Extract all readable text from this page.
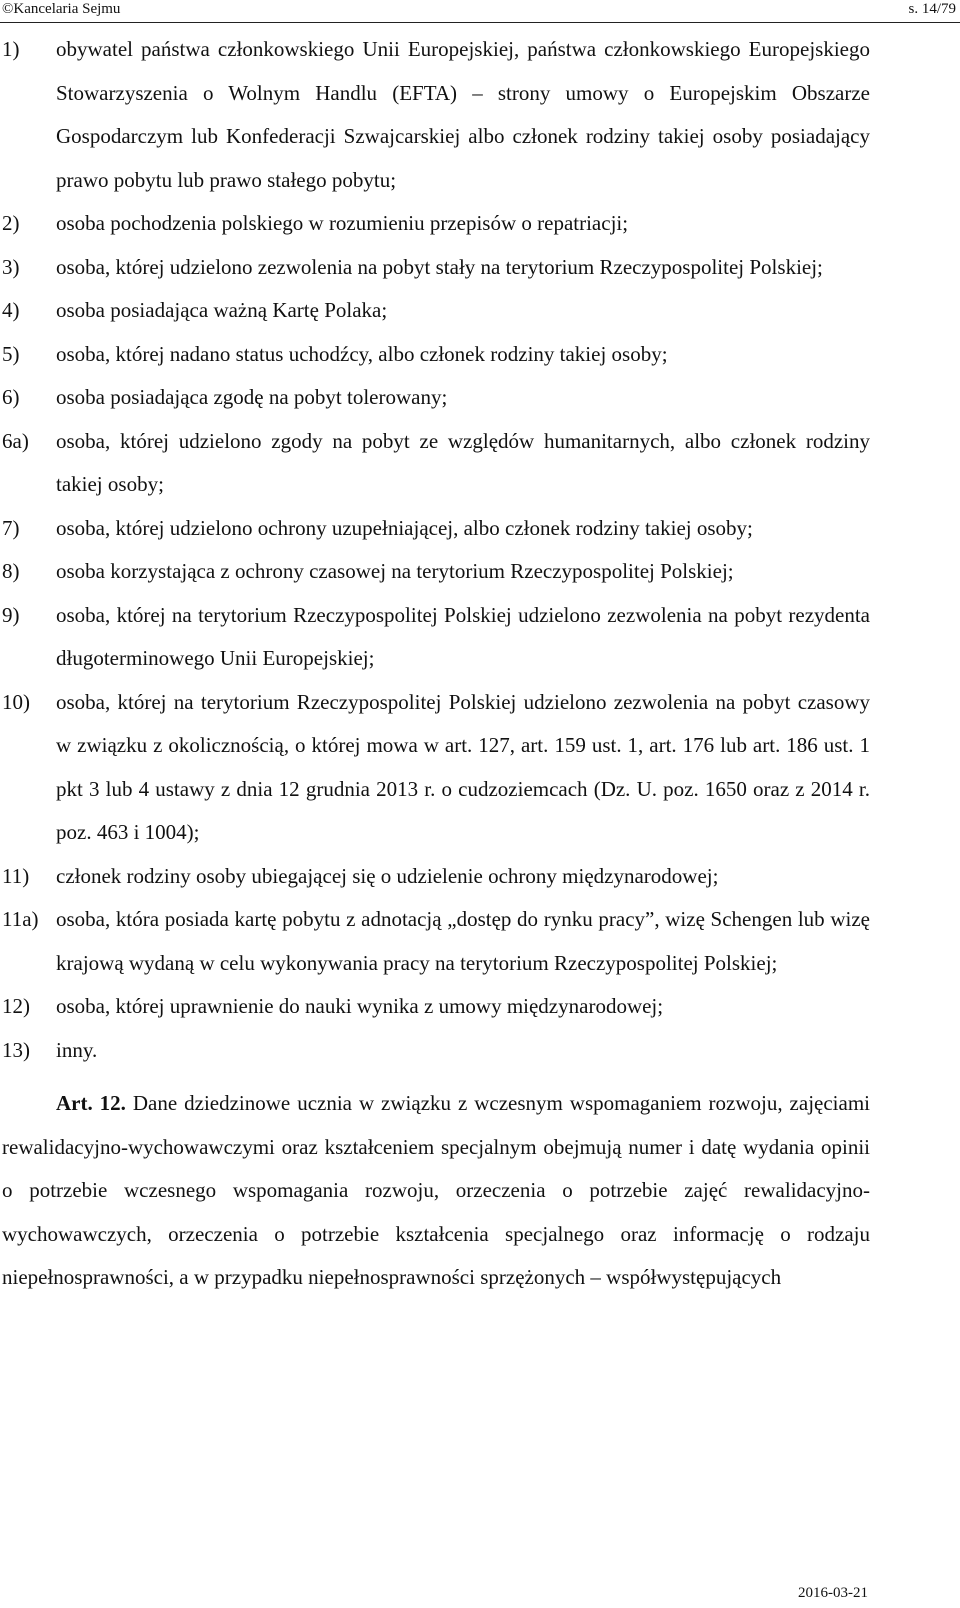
©Kancelaria Sejmu	s. 14/79
1) obywatel państwa członkowskiego Unii Europejskiej, państwa członkowskiego Europejskiego Stowarzyszenia o Wolnym Handlu (EFTA) – strony umowy o Europejskim Obszarze Gospodarczym lub Konfederacji Szwajcarskiej albo członek rodziny takiej osoby posiadający prawo pobytu lub prawo stałego pobytu;
2) osoba pochodzenia polskiego w rozumieniu przepisów o repatriacji;
3) osoba, której udzielono zezwolenia na pobyt stały na terytorium Rzeczypospolitej Polskiej;
4) osoba posiadająca ważną Kartę Polaka;
5) osoba, której nadano status uchodźcy, albo członek rodziny takiej osoby;
6) osoba posiadająca zgodę na pobyt tolerowany;
6a) osoba, której udzielono zgody na pobyt ze względów humanitarnych, albo członek rodziny takiej osoby;
7) osoba, której udzielono ochrony uzupełniającej, albo członek rodziny takiej osoby;
8) osoba korzystająca z ochrony czasowej na terytorium Rzeczypospolitej Polskiej;
9) osoba, której na terytorium Rzeczypospolitej Polskiej udzielono zezwolenia na pobyt rezydenta długoterminowego Unii Europejskiej;
10) osoba, której na terytorium Rzeczypospolitej Polskiej udzielono zezwolenia na pobyt czasowy w związku z okolicznością, o której mowa w art. 127, art. 159 ust. 1, art. 176 lub art. 186 ust. 1 pkt 3 lub 4 ustawy z dnia 12 grudnia 2013 r. o cudzoziemcach (Dz. U. poz. 1650 oraz z 2014 r. poz. 463 i 1004);
11) członek rodziny osoby ubiegającej się o udzielenie ochrony międzynarodowej;
11a) osoba, która posiada kartę pobytu z adnotacją „dostęp do rynku pracy”, wizę Schengen lub wizę krajową wydaną w celu wykonywania pracy na terytorium Rzeczypospolitej Polskiej;
12) osoba, której uprawnienie do nauki wynika z umowy międzynarodowej;
13) inny.

Art. 12. Dane dziedzinowe ucznia w związku z wczesnym wspomaganiem rozwoju, zajęciami rewalidacyjno-wychowawczymi oraz kształceniem specjalnym obejmują numer i datę wydania opinii o potrzebie wczesnego wspomagania rozwoju, orzeczenia o potrzebie zajęć rewalidacyjno-wychowawczych, orzeczenia o potrzebie kształcenia specjalnego oraz informację o rodzaju niepełnosprawności, a w przypadku niepełnosprawności sprzężonych – współwystępujących

2016-03-21
